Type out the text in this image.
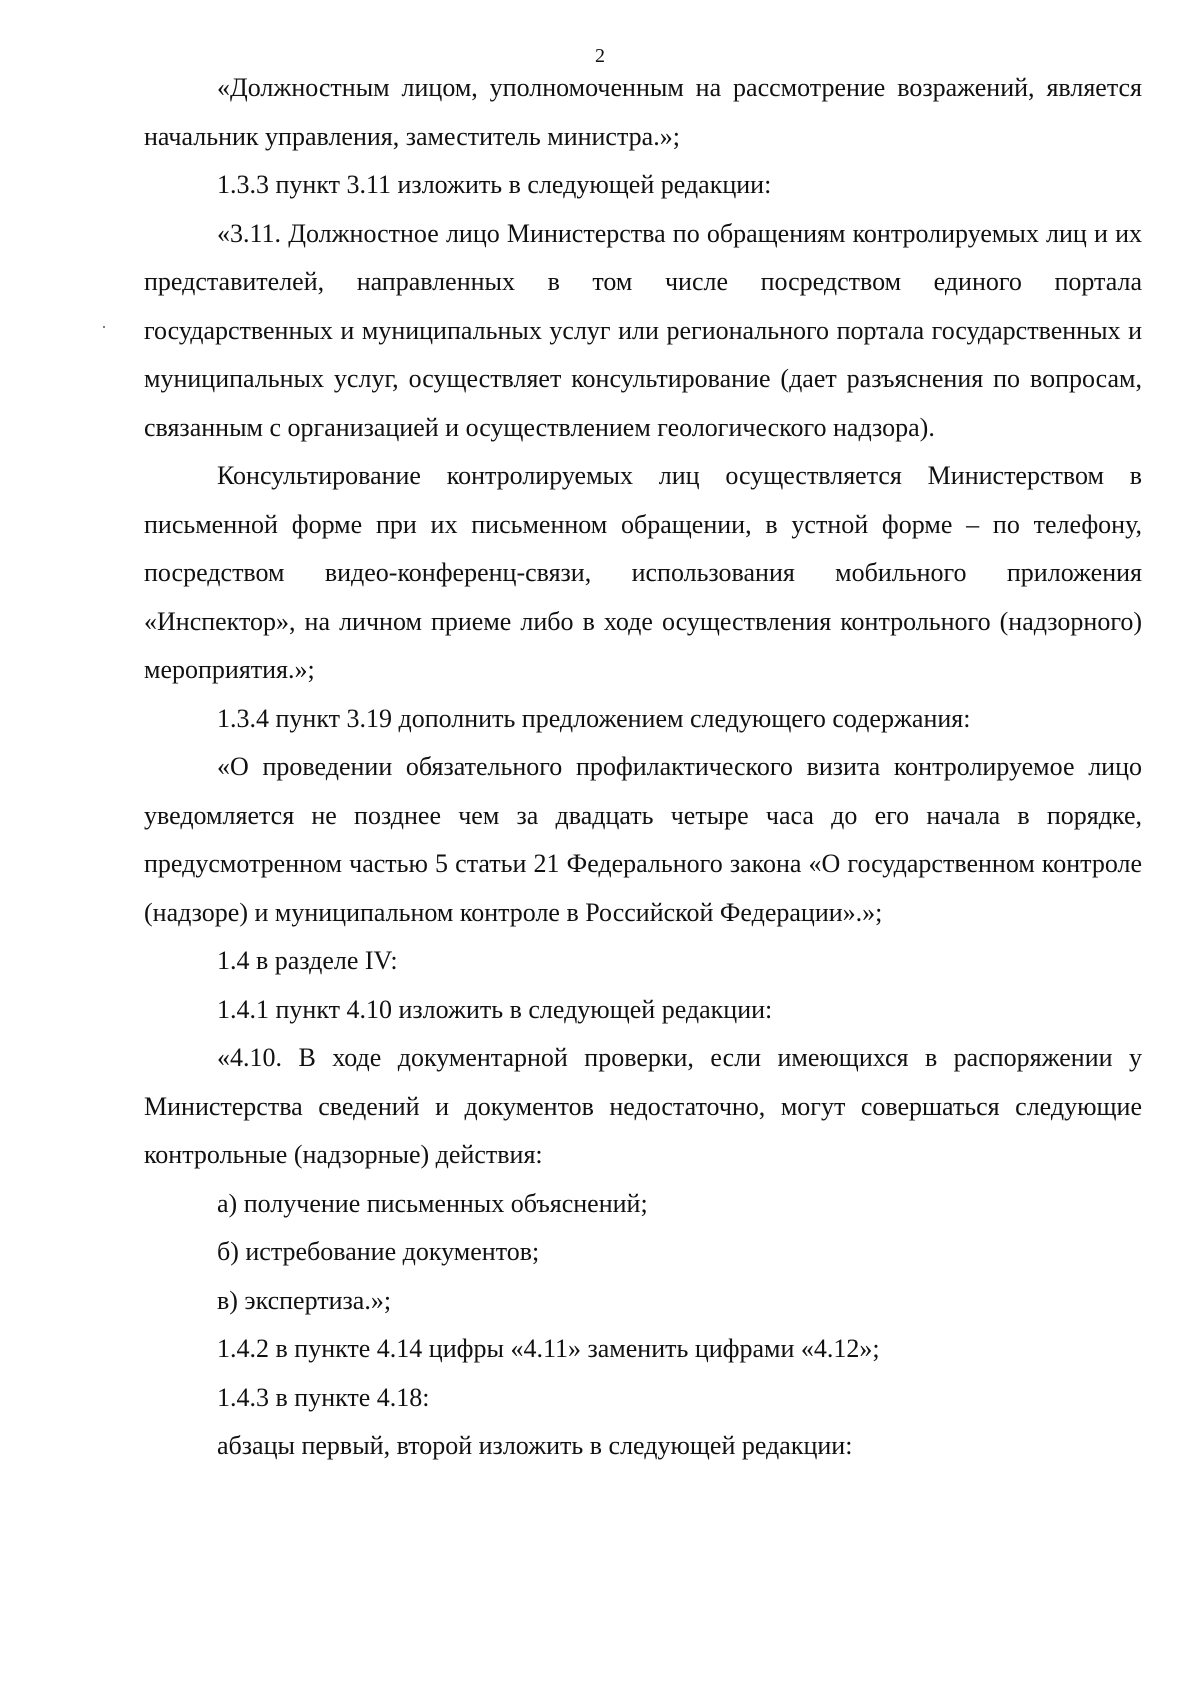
2

«Должностным лицом, уполномоченным на рассмотрение возражений, является начальник управления, заместитель министра.»;

1.3.3 пункт 3.11 изложить в следующей редакции:

«3.11. Должностное лицо Министерства по обращениям контролируемых лиц и их представителей, направленных в том числе посредством единого портала государственных и муниципальных услуг или регионального портала государственных и муниципальных услуг, осуществляет консультирование (дает разъяснения по вопросам, связанным с организацией и осуществлением геологического надзора).

Консультирование контролируемых лиц осуществляется Министерством в письменной форме при их письменном обращении, в устной форме – по телефону, посредством видео-конференц-связи, использования мобильного приложения «Инспектор», на личном приеме либо в ходе осуществления контрольного (надзорного) мероприятия.»;

1.3.4 пункт 3.19 дополнить предложением следующего содержания:

«О проведении обязательного профилактического визита контролируемое лицо уведомляется не позднее чем за двадцать четыре часа до его начала в порядке, предусмотренном частью 5 статьи 21 Федерального закона «О государственном контроле (надзоре) и муниципальном контроле в Российской Федерации».»;

1.4 в разделе IV:

1.4.1 пункт 4.10 изложить в следующей редакции:

«4.10. В ходе документарной проверки, если имеющихся в распоряжении у Министерства сведений и документов недостаточно, могут совершаться следующие контрольные (надзорные) действия:

а) получение письменных объяснений;

б) истребование документов;

в) экспертиза.»;

1.4.2 в пункте 4.14 цифры «4.11» заменить цифрами «4.12»;

1.4.3 в пункте 4.18:

абзацы первый, второй изложить в следующей редакции:
